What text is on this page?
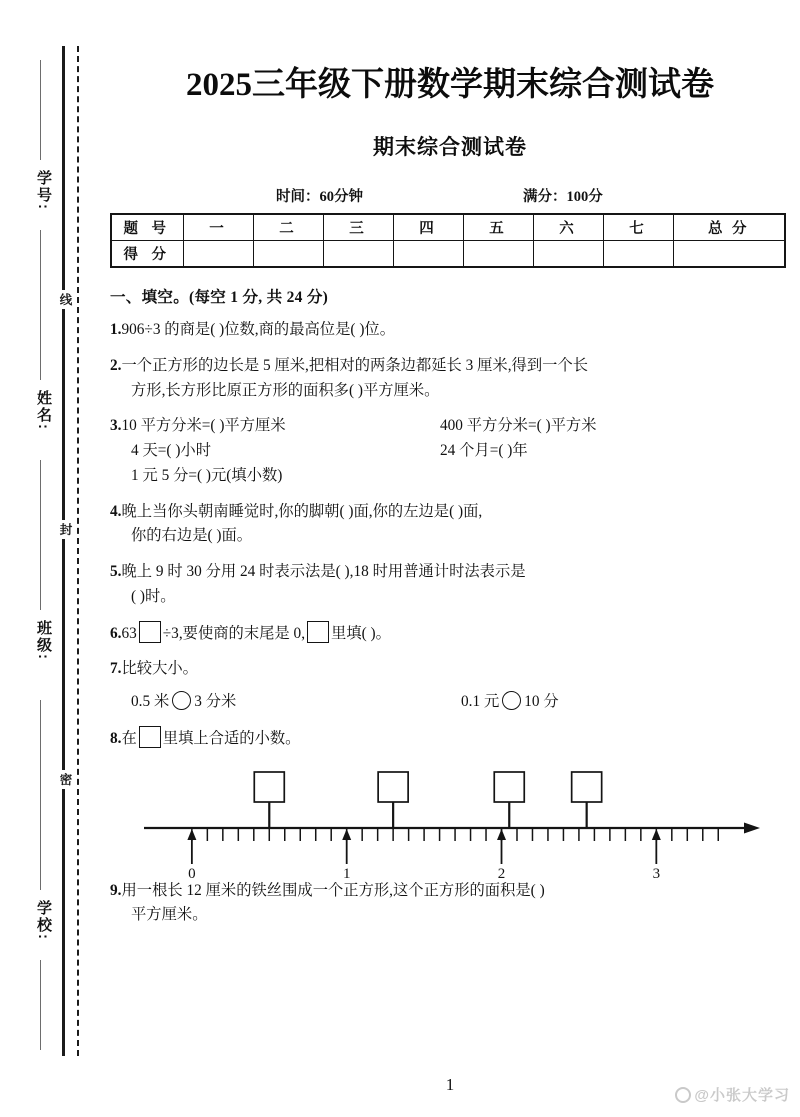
学号:
姓名:
班级:
学校:
线
封
密
2025三年级下册数学期末综合测试卷
期末综合测试卷
时间：60分钟	满分：100分
题 号	一	二	三	四	五	六	七	总 分
得 分								
一、填空。(每空 1 分, 共 24 分)
1.906÷3 的商是( )位数,商的最高位是( )位。
2.一个正方形的边长是 5 厘米,把相对的两条边都延长 3 厘米,得到一个长
方形,长方形比原正方形的面积多( )平方厘米。
3.10 平方分米=( )平方厘米	400 平方分米=( )平方米
4 天=( )小时	24 个月=( )年
1 元 5 分=( )元(填小数)
4.晚上当你头朝南睡觉时,你的脚朝( )面,你的左边是( )面,
你的右边是( )面。
5.晚上 9 时 30 分用 24 时表示法是( ),18 时用普通计时法表示是
( )时。
6.63 ÷3,要使商的末尾是 0, 里填( )。
7.比较大小。
0.5 米 3 分米	0.1 元 10 分
8.在 里填上合适的小数。
0	1	2	3
9.用一根长 12 厘米的铁丝围成一个正方形,这个正方形的面积是( )
平方厘米。
1
@小张大学习
